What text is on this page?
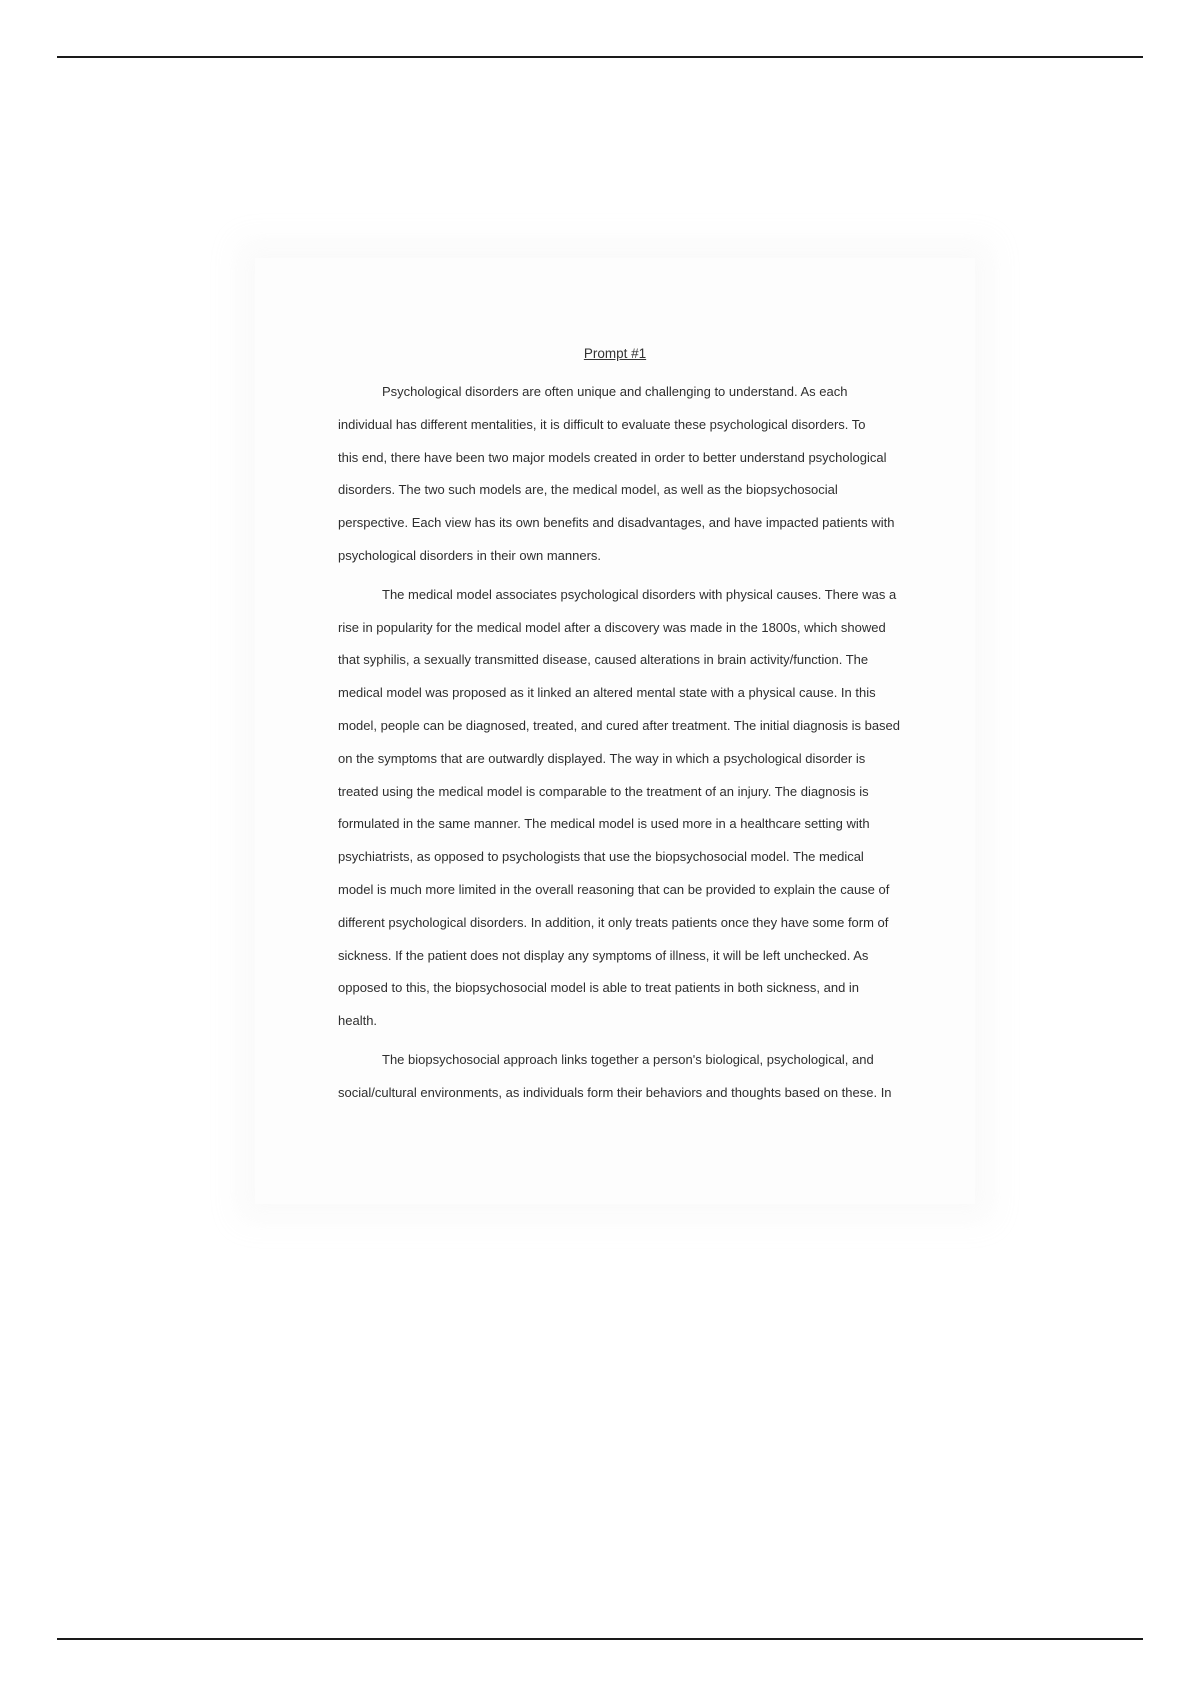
Prompt #1
Psychological disorders are often unique and challenging to understand. As each
individual has different mentalities, it is difficult to evaluate these psychological disorders. To
this end, there have been two major models created in order to better understand psychological
disorders. The two such models are, the medical model, as well as the biopsychosocial
perspective. Each view has its own benefits and disadvantages, and have impacted patients with
psychological disorders in their own manners.
The medical model associates psychological disorders with physical causes. There was a
rise in popularity for the medical model after a discovery was made in the 1800s, which showed
that syphilis, a sexually transmitted disease, caused alterations in brain activity/function. The
medical model was proposed as it linked an altered mental state with a physical cause. In this
model, people can be diagnosed, treated, and cured after treatment. The initial diagnosis is based
on the symptoms that are outwardly displayed. The way in which a psychological disorder is
treated using the medical model is comparable to the treatment of an injury. The diagnosis is
formulated in the same manner. The medical model is used more in a healthcare setting with
psychiatrists, as opposed to psychologists that use the biopsychosocial model. The medical
model is much more limited in the overall reasoning that can be provided to explain the cause of
different psychological disorders. In addition, it only treats patients once they have some form of
sickness. If the patient does not display any symptoms of illness, it will be left unchecked. As
opposed to this, the biopsychosocial model is able to treat patients in both sickness, and in
health.
The biopsychosocial approach links together a person's biological, psychological, and
social/cultural environments, as individuals form their behaviors and thoughts based on these. In
